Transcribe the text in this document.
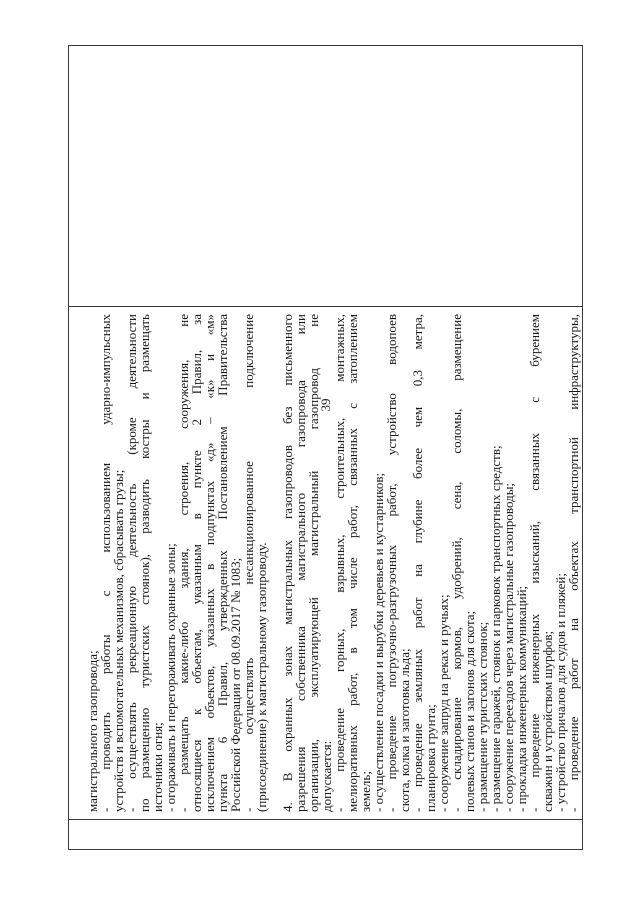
магистрального газопровода;
- проводить работы с использованием ударно-импульсных
устройств и вспомогательных механизмов, сбрасывать грузы;
- осуществлять рекреационную деятельность (кроме деятельности
по размещению туристских стоянок), разводить костры и размещать
источники огня;
- огораживать и перегораживать охранные зоны;
- размещать какие-либо здания, строения, сооружения, не
относящиеся к объектам, указанным в пункте 2 Правил, за
исключением объектов, указанных в подпунктах «д» – «к» и «м»
пункта 6 Правил, утвержденных Постановлением Правительства
Российской Федерации от 08.09.2017 № 1083;
- осуществлять несанкционированное подключение
(присоединение) к магистральному газопроводу. 4. В охранных зонах магистральных газопроводов без письменного
разрешения собственника магистрального газопровода или
организации, эксплуатирующей магистральный газопровод не
допускается:
- проведение горных, взрывных, строительных, монтажных,
мелиоративных работ, в том числе работ, связанных с затоплением
земель;
- осуществление посадки и вырубки деревьев и кустарников;
- проведение погрузочно-разгрузочных работ, устройство водопоев
скота, колка и заготовка льда;
- проведение земляных работ на глубине более чем 0,3 метра,
планировка грунта;
- сооружение запруд на реках и ручьях;
- складирование кормов, удобрений, сена, соломы, размещение
полевых станов и загонов для скота;
- размещение туристских стоянок;
- размещение гаражей, стоянок и парковок транспортных средств;
- сооружение переездов через магистральные газопроводы;
- прокладка инженерных коммуникаций;
- проведение инженерных изысканий, связанных с бурением
скважин и устройством шурфов;
- устройство причалов для судов и пляжей;
- проведение работ на объектах транспортной инфраструктуры,
39
